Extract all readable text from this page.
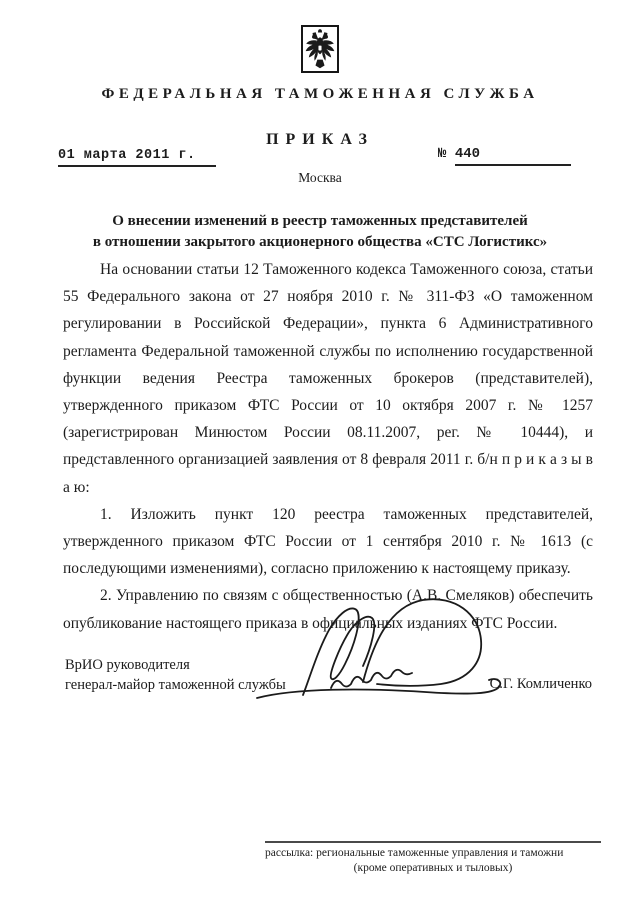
ФЕДЕРАЛЬНАЯ ТАМОЖЕННАЯ СЛУЖБА
ПРИКАЗ
01 марта 2011 г.	№ 440
Москва
О внесении изменений в реестр таможенных представителей
в отношении закрытого акционерного общества «СТС Логистикс»

На основании статьи 12 Таможенного кодекса Таможенного союза, статьи 55 Федерального закона от 27 ноября 2010 г. № 311-ФЗ «О таможенном регулировании в Российской Федерации», пункта 6 Административного регламента Федеральной таможенной службы по исполнению государственной функции ведения Реестра таможенных брокеров (представителей), утвержденного приказом ФТС России от 10 октября 2007 г. № 1257 (зарегистрирован Минюстом России 08.11.2007, рег. № 10444), и представленного организацией заявления от 8 февраля 2011 г. б/н п р и к а з ы в а ю:

1. Изложить пункт 120 реестра таможенных представителей, утвержденного приказом ФТС России от 1 сентября 2010 г. № 1613 (с последующими изменениями), согласно приложению к настоящему приказу.

2. Управлению по связям с общественностью (А.В. Смеляков) обеспечить опубликование настоящего приказа в официальных изданиях ФТС России.

ВрИО руководителя
генерал-майор таможенной службы	С.Г. Комличенко
рассылка: региональные таможенные управления и таможни
(кроме оперативных и тыловых)
